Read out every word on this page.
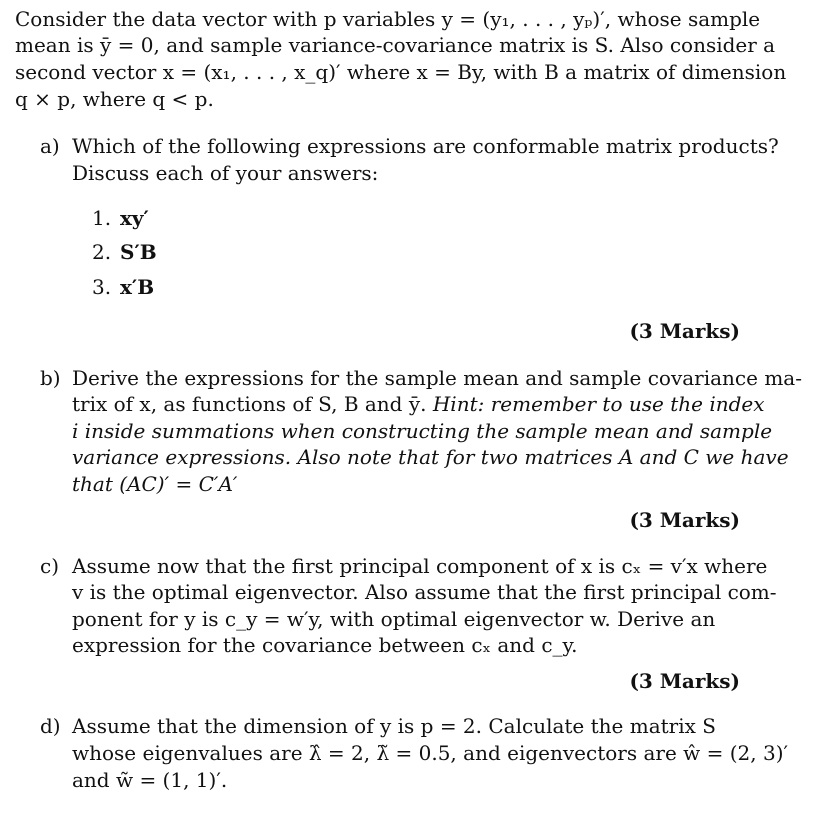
Consider the data vector with p variables y = (y₁, . . . , yₚ)′, whose sample
mean is ȳ = 0, and sample variance-covariance matrix is S. Also consider a
second vector x = (x₁, . . . , x_q)′ where x = By, with B a matrix of dimension
q × p, where q < p.
a) Which of the following expressions are conformable matrix products?
Discuss each of your answers:
1. xy′
2. S′B
3. x′B
(3 Marks)
b) Derive the expressions for the sample mean and sample covariance ma-
trix of x, as functions of S, B and ȳ. Hint: remember to use the index
i inside summations when constructing the sample mean and sample
variance expressions. Also note that for two matrices A and C we have
that (AC)′ = C′A′
(3 Marks)
c) Assume now that the first principal component of x is cₓ = v′x where
v is the optimal eigenvector. Also assume that the first principal com-
ponent for y is c_y = w′y, with optimal eigenvector w. Derive an
expression for the covariance between cₓ and c_y.
(3 Marks)
d) Assume that the dimension of y is p = 2. Calculate the matrix S
whose eigenvalues are λ̂ = 2, λ̃ = 0.5, and eigenvectors are ŵ = (2, 3)′
and w̃ = (1, 1)′.
